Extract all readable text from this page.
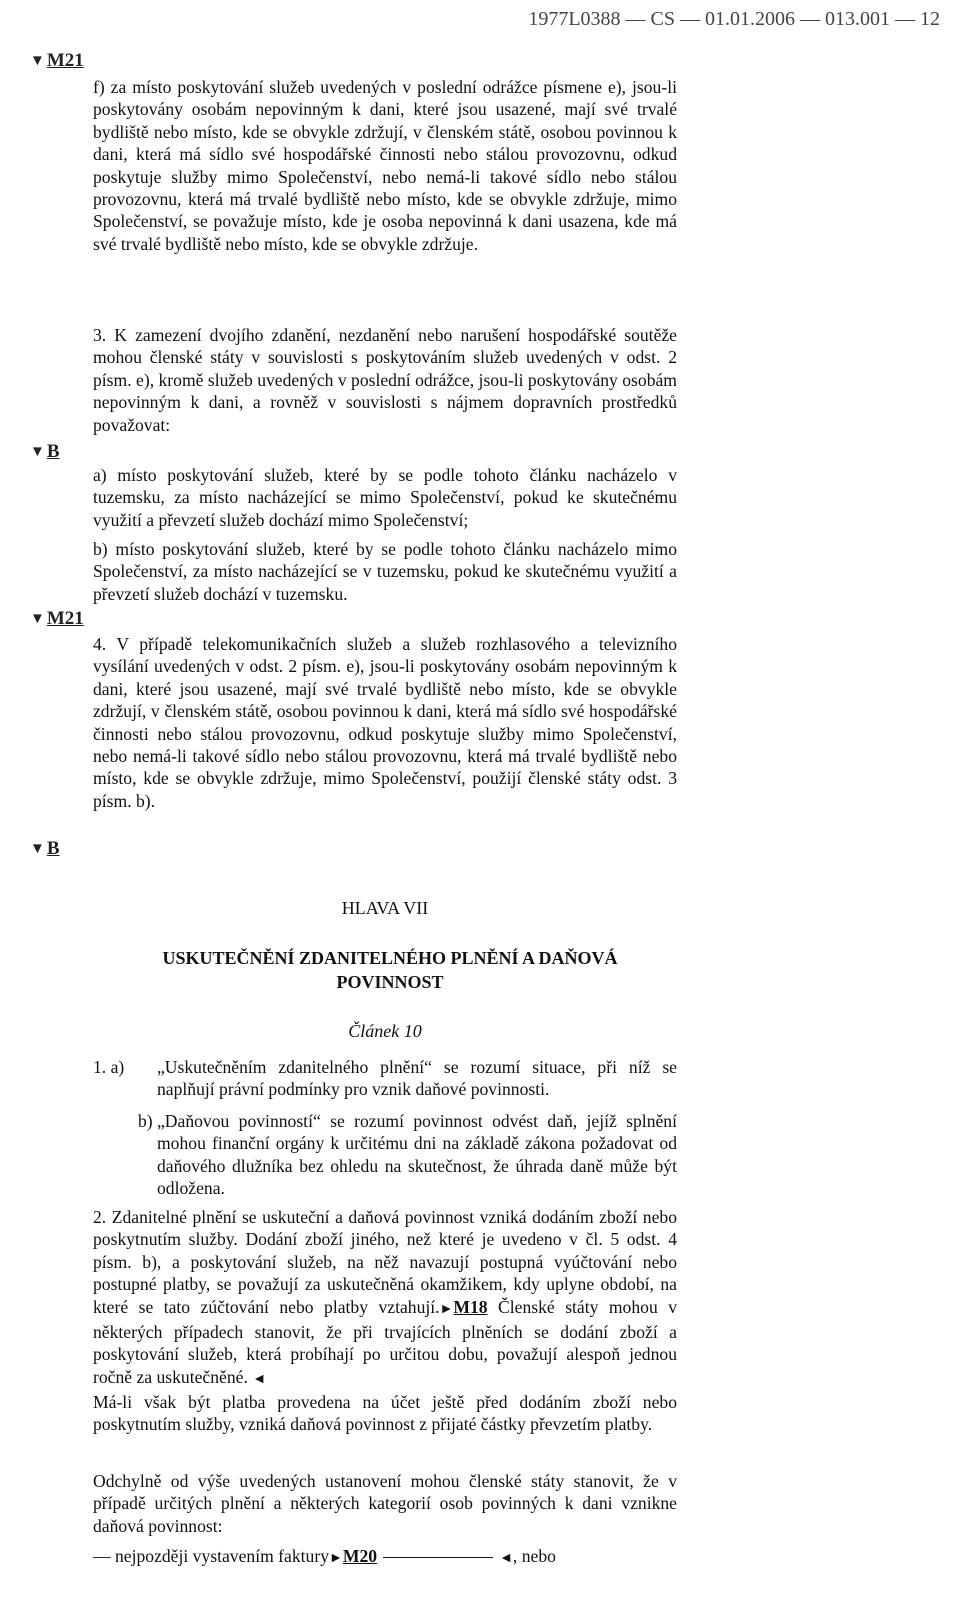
1977L0388 — CS — 01.01.2006 — 013.001 — 12
▼ M21

f) za místo poskytování služeb uvedených v poslední odrážce písmene e), jsou-li poskytovány osobám nepovinným k dani, které jsou usazené, mají své trvalé bydliště nebo místo, kde se obvykle zdržují, v členském státě, osobou povinnou k dani, která má sídlo své hospodářské činnosti nebo stálou provozovnu, odkud poskytuje služby mimo Společenství, nebo nemá-li takové sídlo nebo stálou provozovnu, která má trvalé bydliště nebo místo, kde se obvykle zdržuje, mimo Společenství, se považuje místo, kde je osoba nepovinná k dani usazena, kde má své trvalé bydliště nebo místo, kde se obvykle zdržuje.

3. K zamezení dvojího zdanění, nezdanění nebo narušení hospodářské soutěže mohou členské státy v souvislosti s poskytováním služeb uvedených v odst. 2 písm. e), kromě služeb uvedených v poslední odrážce, jsou-li poskytovány osobám nepovinným k dani, a rovněž v souvislosti s nájmem dopravních prostředků považovat:

▼ B

a) místo poskytování služeb, které by se podle tohoto článku nacházelo v tuzemsku, za místo nacházející se mimo Společenství, pokud ke skutečnému využití a převzetí služeb dochází mimo Společenství;

b) místo poskytování služeb, které by se podle tohoto článku nacházelo mimo Společenství, za místo nacházející se v tuzemsku, pokud ke skutečnému využití a převzetí služeb dochází v tuzemsku.

▼ M21

4. V případě telekomunikačních služeb a služeb rozhlasového a televizního vysílání uvedených v odst. 2 písm. e), jsou-li poskytovány osobám nepovinným k dani, které jsou usazené, mají své trvalé bydliště nebo místo, kde se obvykle zdržují, v členském státě, osobou povinnou k dani, která má sídlo své hospodářské činnosti nebo stálou provozovnu, odkud poskytuje služby mimo Společenství, nebo nemá-li takové sídlo nebo stálou provozovnu, která má trvalé bydliště nebo místo, kde se obvykle zdržuje, mimo Společenství, použijí členské státy odst. 3 písm. b).

▼ B
HLAVA VII
USKUTEČNĚNÍ ZDANITELNÉHO PLNĚNÍ A DAŇOVÁ POVINNOST
Článek 10
1. a)	„Uskutečněním zdanitelného plnění“ se rozumí situace, při níž se naplňují právní podmínky pro vznik daňové povinnosti.
b) „Daňovou povinností“ se rozumí povinnost odvést daň, jejíž splnění mohou finanční orgány k určitému dni na základě zákona požadovat od daňového dlužníka bez ohledu na skutečnost, že úhrada daně může být odložena.

2. Zdanitelné plnění se uskuteční a daňová povinnost vzniká dodáním zboží nebo poskytnutím služby. Dodání zboží jiného, než které je uvedeno v čl. 5 odst. 4 písm. b), a poskytování služeb, na něž navazují postupná vyúčtování nebo postupné platby, se považují za uskutečněná okamžikem, kdy uplyne období, na které se tato zúčtování nebo platby vztahují.►M18 Členské státy mohou v některých případech stanovit, že při trvajících plněních se dodání zboží a poskytování služeb, která probíhají po určitou dobu, považují alespoň jednou ročně za uskutečněné. ◄

Má-li však být platba provedena na účet ještě před dodáním zboží nebo poskytnutím služby, vzniká daňová povinnost z přijaté částky převzetím platby.

Odchylně od výše uvedených ustanovení mohou členské státy stanovit, že v případě určitých plnění a některých kategorií osob povinných k dani vznikne daňová povinnost:

— nejpozději vystavením faktury►M20	◄, nebo
